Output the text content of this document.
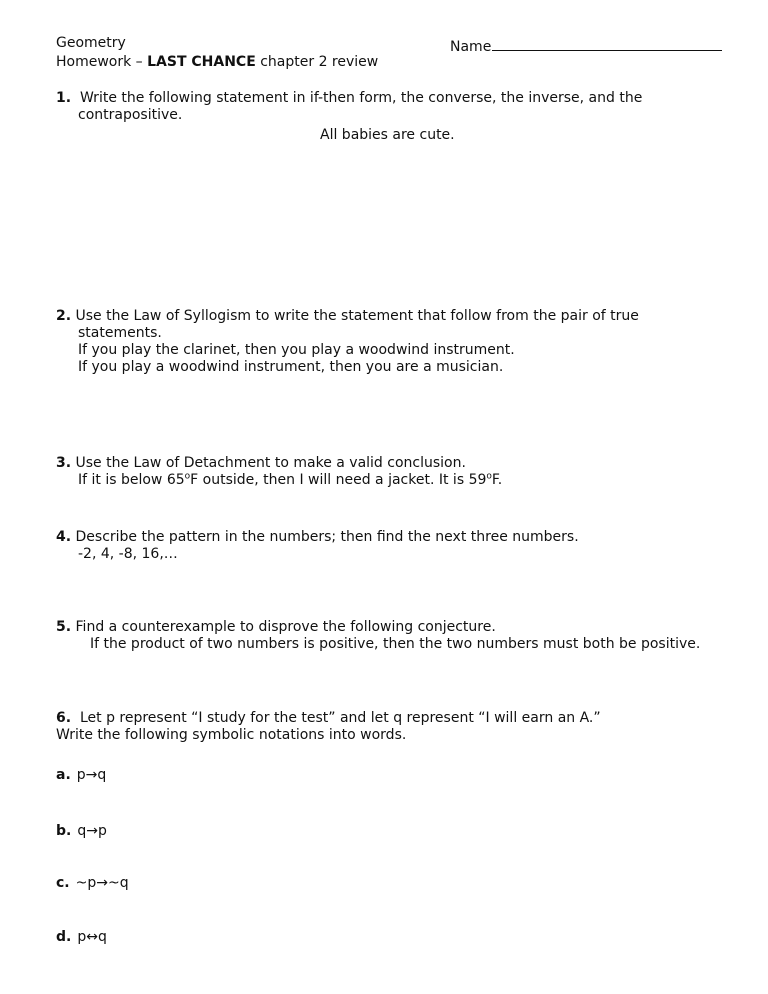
Geometry
Homework – LAST CHANCE chapter 2 review
Name
1. Write the following statement in if-then form, the converse, the inverse, and the
contrapositive.
All babies are cute.
2. Use the Law of Syllogism to write the statement that follow from the pair of true
statements.
If you play the clarinet, then you play a woodwind instrument.
If you play a woodwind instrument, then you are a musician.
3. Use the Law of Detachment to make a valid conclusion.
If it is below 65$^o$F outside, then I will need a jacket. It is 59$^o$F.
4. Describe the pattern in the numbers; then find the next three numbers.
-2, 4, -8, 16,…
5. Find a counterexample to disprove the following conjecture.
If the product of two numbers is positive, then the two numbers must both be positive.
6. Let p represent “I study for the test” and let q represent “I will earn an A.”
Write the following symbolic notations into words.
a. p→q
b. q→p
c. ~p→~q
d. p↔q
